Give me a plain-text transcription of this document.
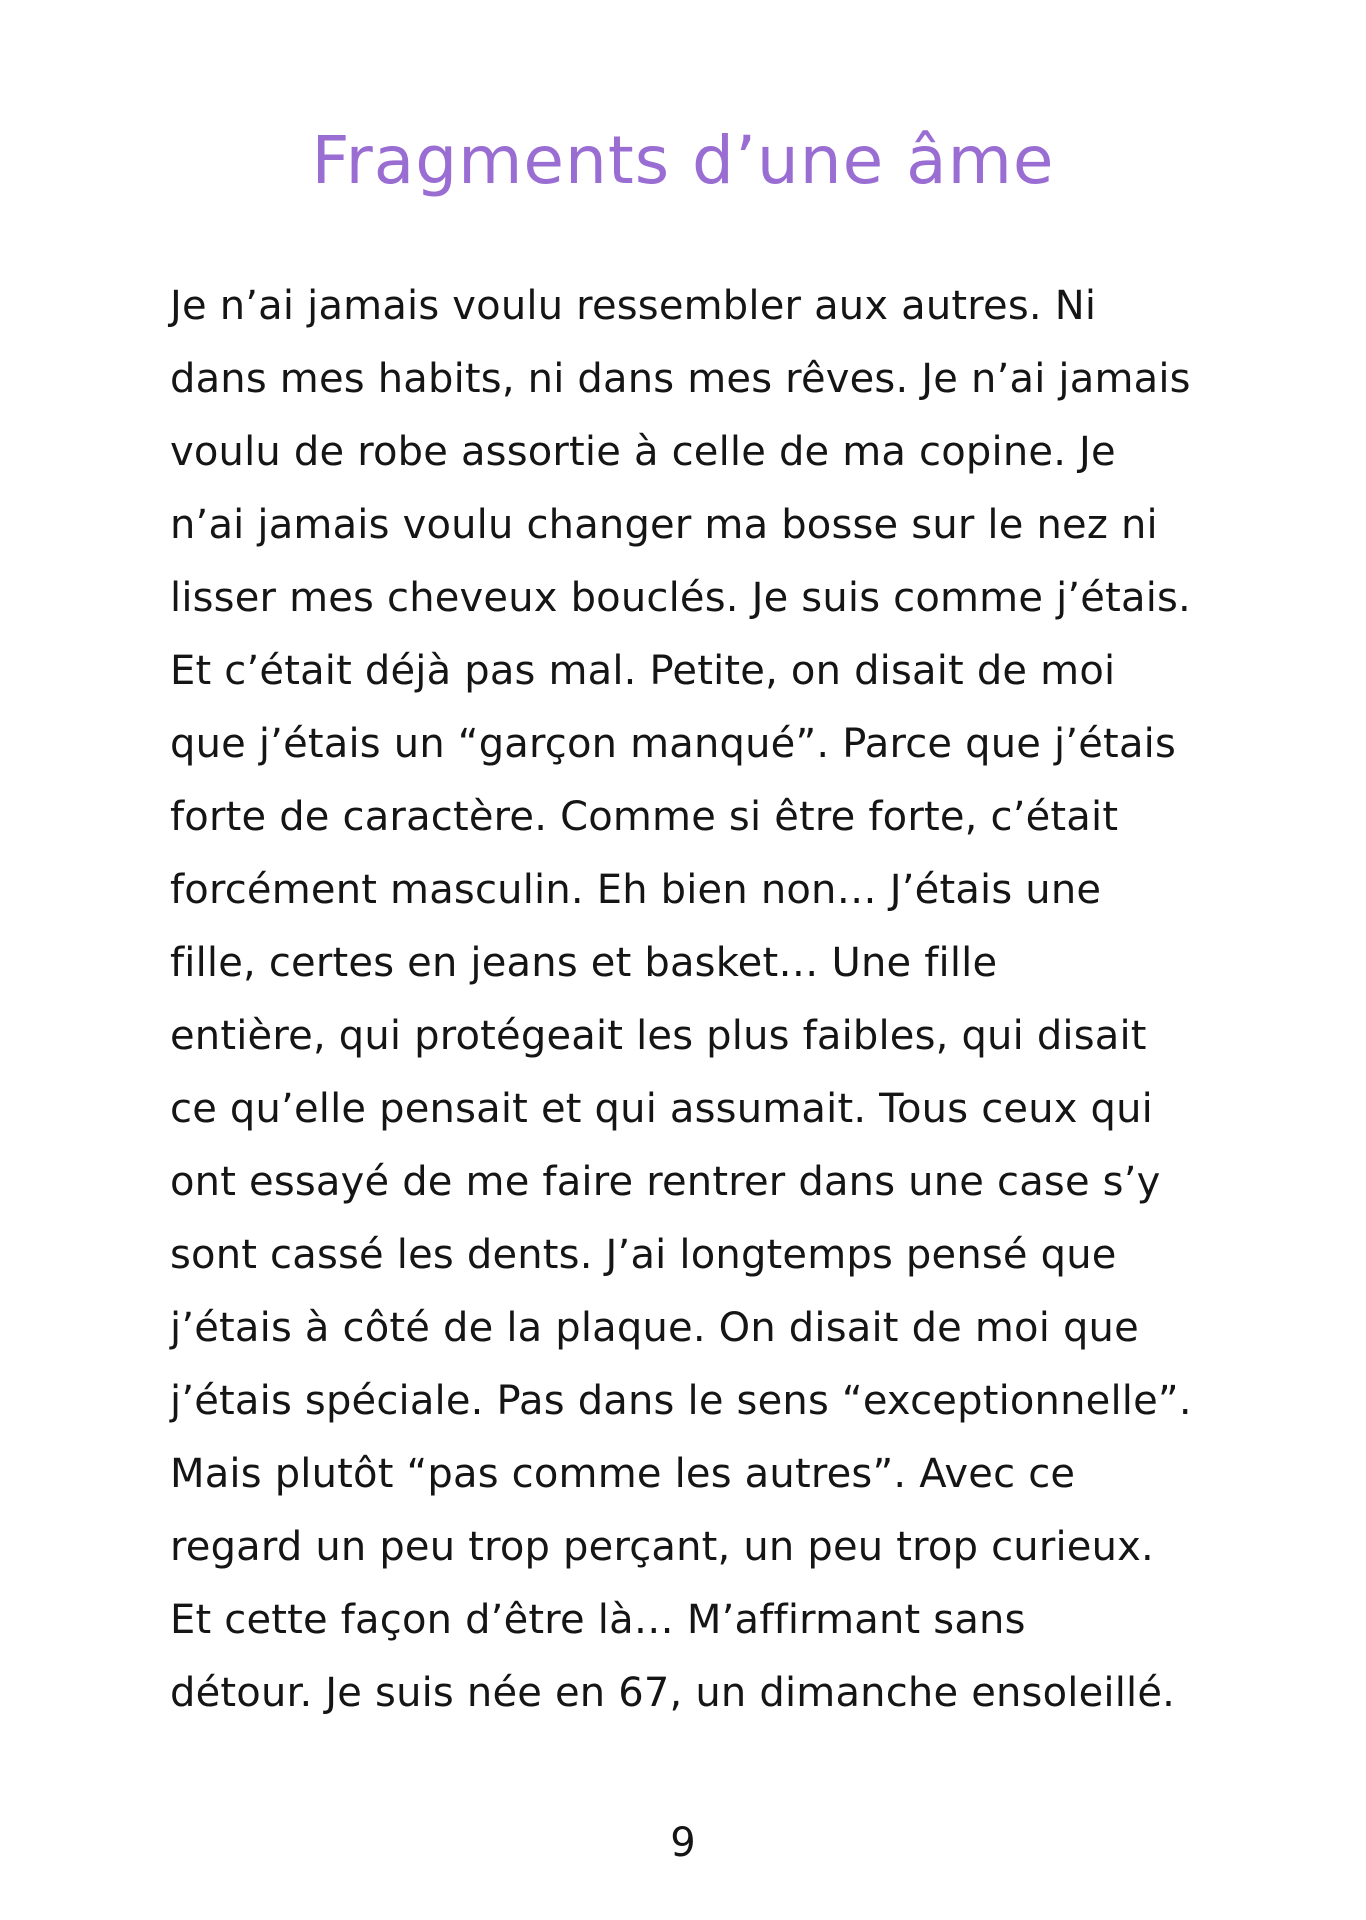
Fragments d’une âme
Je n’ai jamais voulu ressembler aux autres. Ni
dans mes habits, ni dans mes rêves. Je n’ai jamais
voulu de robe assortie à celle de ma copine. Je
n’ai jamais voulu changer ma bosse sur le nez ni
lisser mes cheveux bouclés. Je suis comme j’étais.
Et c’était déjà pas mal. Petite, on disait de moi
que j’étais un “garçon manqué”. Parce que j’étais
forte de caractère. Comme si être forte, c’était
forcément masculin. Eh bien non… J’étais une
fille, certes en jeans et basket… Une fille
entière, qui protégeait les plus faibles, qui disait
ce qu’elle pensait et qui assumait. Tous ceux qui
ont essayé de me faire rentrer dans une case s’y
sont cassé les dents. J’ai longtemps pensé que
j’étais à côté de la plaque. On disait de moi que
j’étais spéciale. Pas dans le sens “exceptionnelle”.
Mais plutôt “pas comme les autres”. Avec ce
regard un peu trop perçant, un peu trop curieux.
Et cette façon d’être là… M’affirmant sans
détour. Je suis née en 67, un dimanche ensoleillé.
9
